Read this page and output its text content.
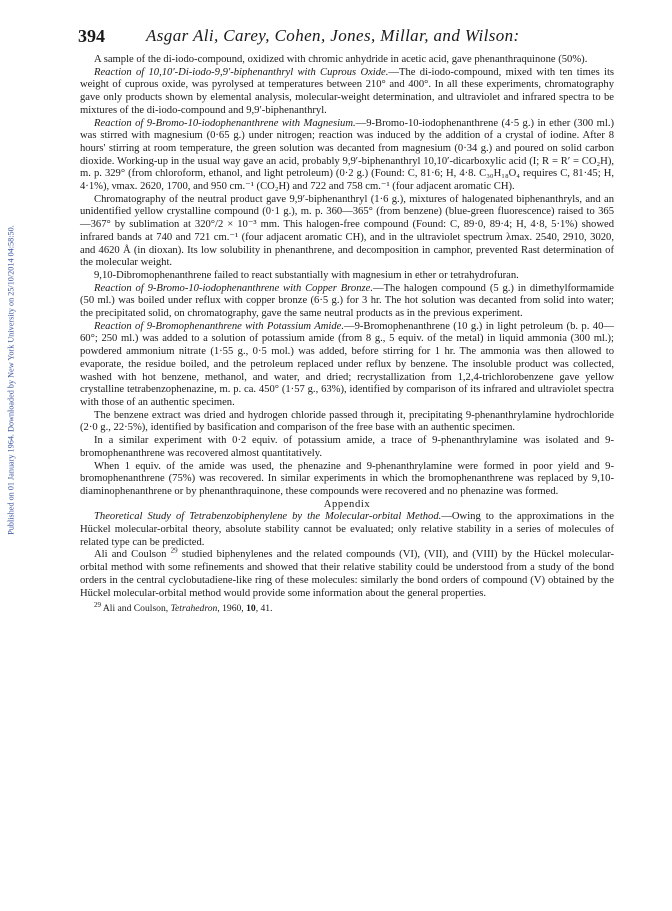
Published on 01 January 1964. Downloaded by New York University on 25/10/2014 04:58:50.
394 Asgar Ali, Carey, Cohen, Jones, Millar, and Wilson:

A sample of the di-iodo-compound, oxidized with chromic anhydride in acetic acid, gave phenanthraquinone (50%).

Reaction of 10,10′-Di-iodo-9,9′-biphenanthryl with Cuprous Oxide.—The di-iodo-compound, mixed with ten times its weight of cuprous oxide, was pyrolysed at temperatures between 210° and 400°. In all these experiments, chromatography gave only products shown by elemental analysis, molecular-weight determination, and ultraviolet and infrared spectra to be mixtures of the di-iodo-compound and 9,9′-biphenanthryl.

Reaction of 9-Bromo-10-iodophenanthrene with Magnesium.—9-Bromo-10-iodophenanthrene (4·5 g.) in ether (300 ml.) was stirred with magnesium (0·65 g.) under nitrogen; reaction was induced by the addition of a crystal of iodine. After 8 hours' stirring at room temperature, the green solution was decanted from magnesium (0·34 g.) and poured on solid carbon dioxide. Working-up in the usual way gave an acid, probably 9,9′-biphenanthryl 10,10′-dicarboxylic acid (I; R = R′ = CO₂H), m. p. 329° (from chloroform, ethanol, and light petroleum) (0·2 g.) (Found: C, 81·6; H, 4·8. C₃₀H₁₈O₄ requires C, 81·45; H, 4·1%), νmax. 2620, 1700, and 950 cm.⁻¹ (CO₂H) and 722 and 758 cm.⁻¹ (four adjacent aromatic CH).

Chromatography of the neutral product gave 9,9′-biphenanthryl (1·6 g.), mixtures of halogenated biphenanthryls, and an unidentified yellow crystalline compound (0·1 g.), m. p. 360—365° (from benzene) (blue-green fluorescence) raised to 365—367° by sublimation at 320°/2 × 10⁻³ mm. This halogen-free compound (Found: C, 89·0, 89·4; H, 4·8, 5·1%) showed infrared bands at 740 and 721 cm.⁻¹ (four adjacent aromatic CH), and in the ultraviolet spectrum λmax. 2540, 2910, 3020, and 4620 Å (in dioxan). Its low solubility in phenanthrene, and decomposition in camphor, prevented Rast determination of the molecular weight.

9,10-Dibromophenanthrene failed to react substantially with magnesium in ether or tetrahydrofuran.

Reaction of 9-Bromo-10-iodophenanthrene with Copper Bronze.—The halogen compound (5 g.) in dimethylformamide (50 ml.) was boiled under reflux with copper bronze (6·5 g.) for 3 hr. The hot solution was decanted from solid into water; the precipitated solid, on chromatography, gave the same neutral products as in the previous experiment.

Reaction of 9-Bromophenanthrene with Potassium Amide.—9-Bromophenanthrene (10 g.) in light petroleum (b. p. 40—60°; 250 ml.) was added to a solution of potassium amide (from 8 g., 5 equiv. of the metal) in liquid ammonia (300 ml.); powdered ammonium nitrate (1·55 g., 0·5 mol.) was added, before stirring for 1 hr. The ammonia was then allowed to evaporate, the residue boiled, and the petroleum replaced under reflux by benzene. The insoluble product was collected, washed with hot benzene, methanol, and water, and dried; recrystallization from 1,2,4-trichlorobenzene gave yellow crystalline tetrabenzophenazine, m. p. ca. 450° (1·57 g., 63%), identified by comparison of its infrared and ultraviolet spectra with those of an authentic specimen.

The benzene extract was dried and hydrogen chloride passed through it, precipitating 9-phenanthrylamine hydrochloride (2·0 g., 22·5%), identified by basification and comparison of the free base with an authentic specimen.

In a similar experiment with 0·2 equiv. of potassium amide, a trace of 9-phenanthrylamine was isolated and 9-bromophenanthrene was recovered almost quantitatively.

When 1 equiv. of the amide was used, the phenazine and 9-phenanthrylamine were formed in poor yield and 9-bromophenanthrene (75%) was recovered. In similar experiments in which the bromophenanthrene was replaced by 9,10-diaminophenanthrene or by phenanthraquinone, these compounds were recovered and no phenazine was formed.

Appendix

Theoretical Study of Tetrabenzobiphenylene by the Molecular-orbital Method.—Owing to the approximations in the Hückel molecular-orbital theory, absolute stability cannot be evaluated; only relative stability in a series of molecules of related type can be predicted.

Ali and Coulson $^{29}$ studied biphenylenes and the related compounds (VI), (VII), and (VIII) by the Hückel molecular-orbital method with some refinements and showed that their relative stability could be understood from a study of the bond orders in the central cyclobutadiene-like ring of these molecules: similarly the bond orders of compound (V) obtained by the Hückel molecular-orbital method would provide some information about the general properties.

$^{29}$ Ali and Coulson, Tetrahedron, 1960, 10, 41.
